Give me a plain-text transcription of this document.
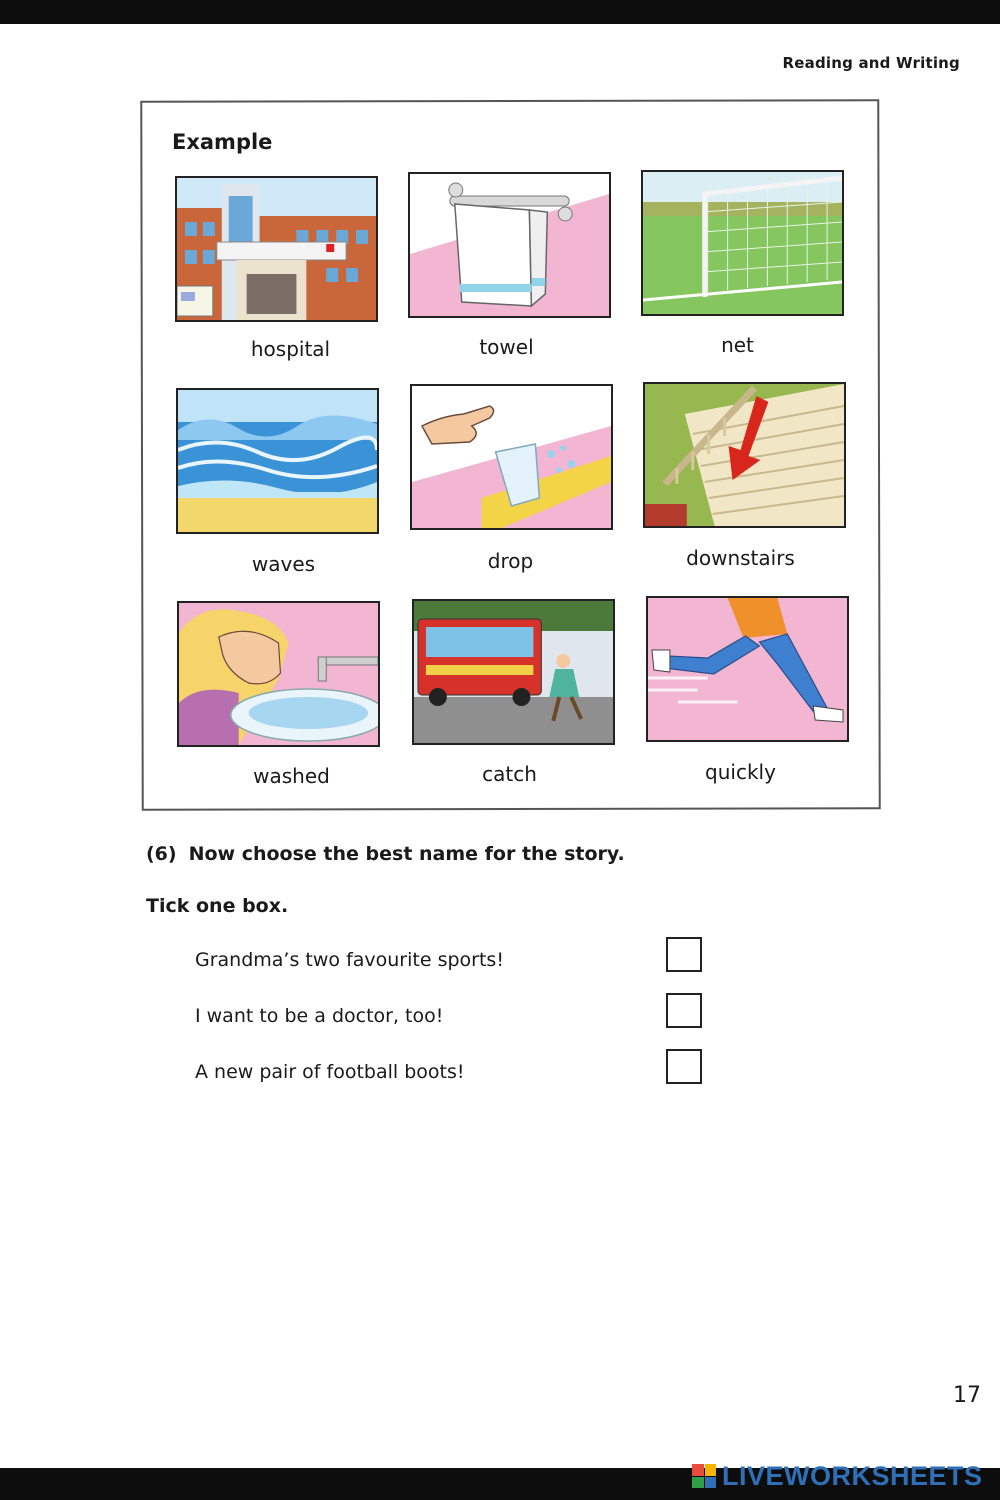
Reading and Writing
Example
hospital	towel	net
waves	drop	downstairs
washed	catch	quickly
(6) Now choose the best name for the story.
Tick one box.
Grandma’s two favourite sports!
I want to be a doctor, too!
A new pair of football boots!
17
LIVEWORKSHEETS
